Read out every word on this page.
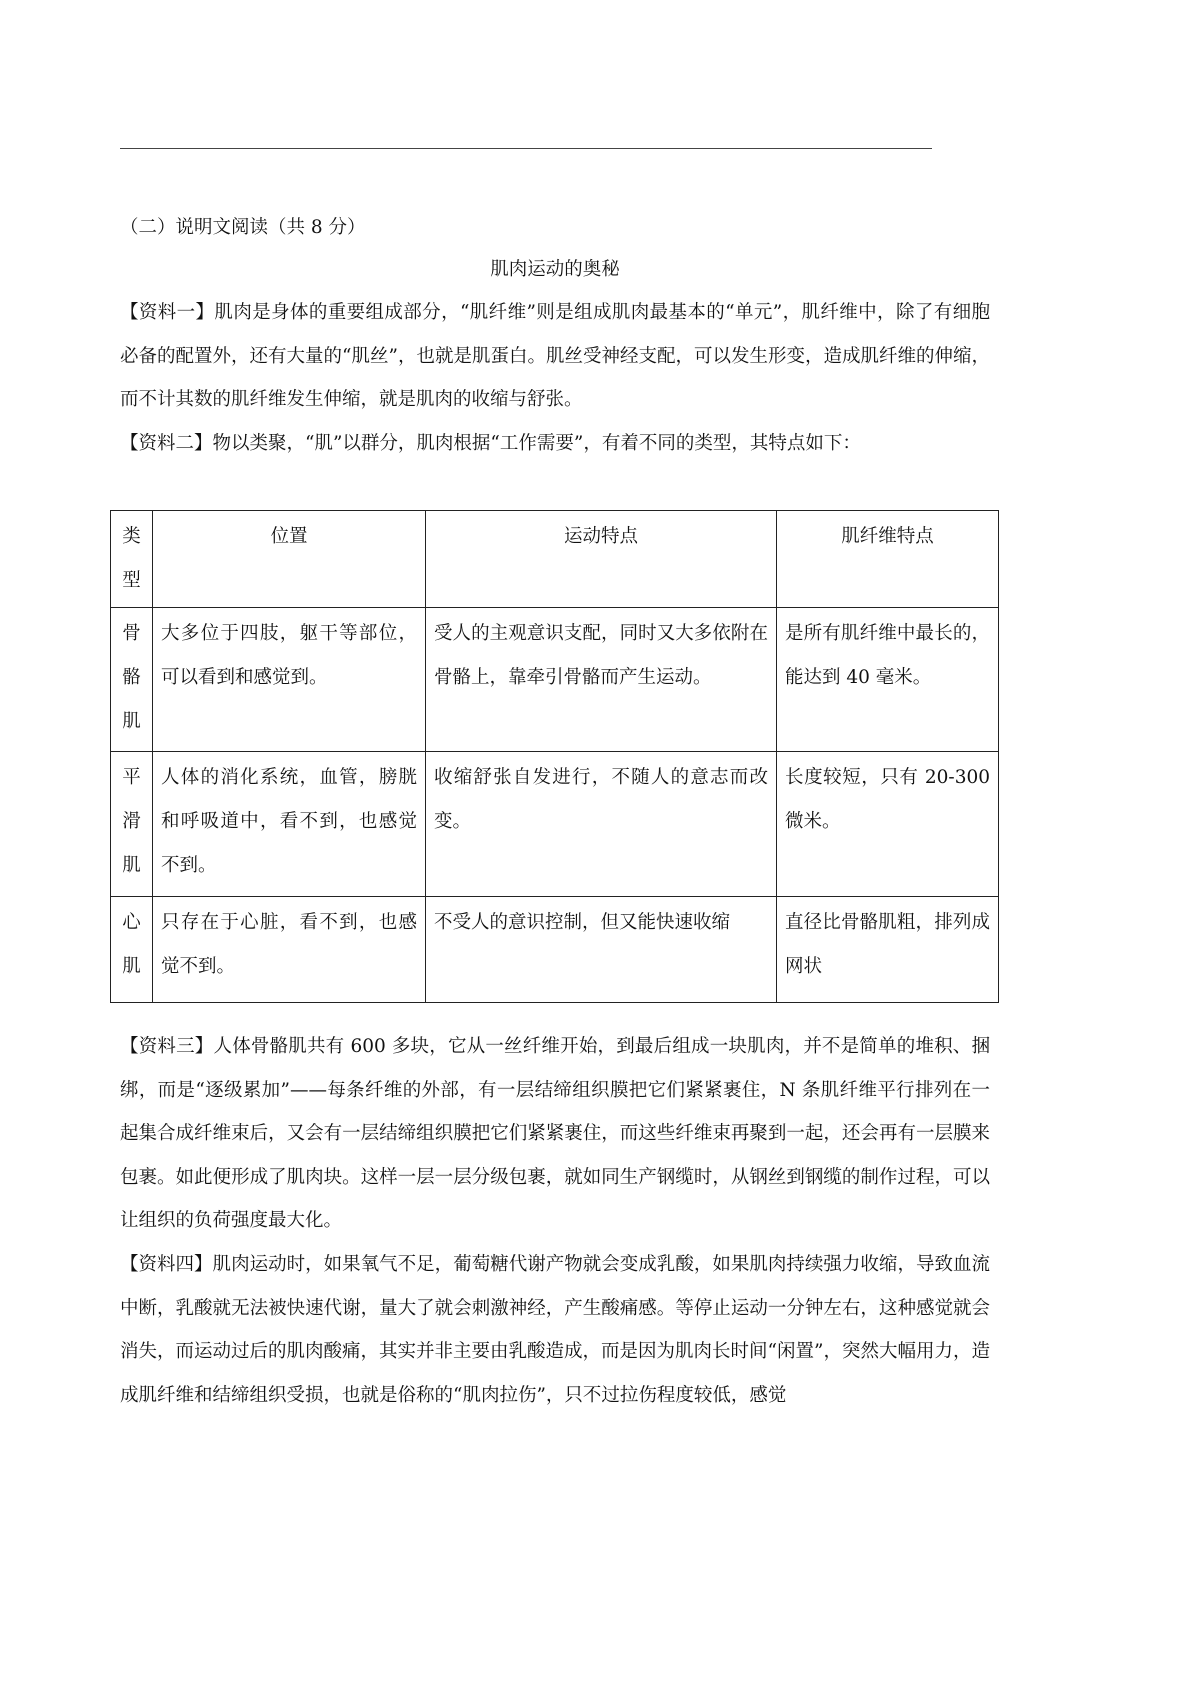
（二）说明文阅读（共 8 分）
肌肉运动的奥秘
【资料一】肌肉是身体的重要组成部分，“肌纤维”则是组成肌肉最基本的“单元”，肌纤维中，除了有细胞必备的配置外，还有大量的“肌丝”，也就是肌蛋白。肌丝受神经支配，可以发生形变，造成肌纤维的伸缩，而不计其数的肌纤维发生伸缩，就是肌肉的收缩与舒张。
【资料二】物以类聚，“肌”以群分，肌肉根据“工作需要”，有着不同的类型，其特点如下：
类型	位置	运动特点	肌纤维特点
骨骼肌	大多位于四肢，躯干等部位，可以看到和感觉到。	受人的主观意识支配，同时又大多依附在骨骼上，靠牵引骨骼而产生运动。	是所有肌纤维中最长的，能达到 40 毫米。
平滑肌	人体的消化系统，血管，膀胱和呼吸道中，看不到，也感觉不到。	收缩舒张自发进行，不随人的意志而改变。	长度较短，只有 20-300 微米。
心肌	只存在于心脏，看不到，也感觉不到。	不受人的意识控制，但又能快速收缩	直径比骨骼肌粗，排列成网状
【资料三】人体骨骼肌共有 600 多块，它从一丝纤维开始，到最后组成一块肌肉，并不是简单的堆积、捆绑，而是“逐级累加”——每条纤维的外部，有一层结缔组织膜把它们紧紧裹住，N 条肌纤维平行排列在一起集合成纤维束后，又会有一层结缔组织膜把它们紧紧裹住，而这些纤维束再聚到一起，还会再有一层膜来包裹。如此便形成了肌肉块。这样一层一层分级包裹，就如同生产钢缆时，从钢丝到钢缆的制作过程，可以让组织的负荷强度最大化。
【资料四】肌肉运动时，如果氧气不足，葡萄糖代谢产物就会变成乳酸，如果肌肉持续强力收缩，导致血流中断，乳酸就无法被快速代谢，量大了就会刺激神经，产生酸痛感。等停止运动一分钟左右，这种感觉就会消失，而运动过后的肌肉酸痛，其实并非主要由乳酸造成，而是因为肌肉长时间“闲置”，突然大幅用力，造成肌纤维和结缔组织受损，也就是俗称的“肌肉拉伤”，只不过拉伤程度较低，感觉
